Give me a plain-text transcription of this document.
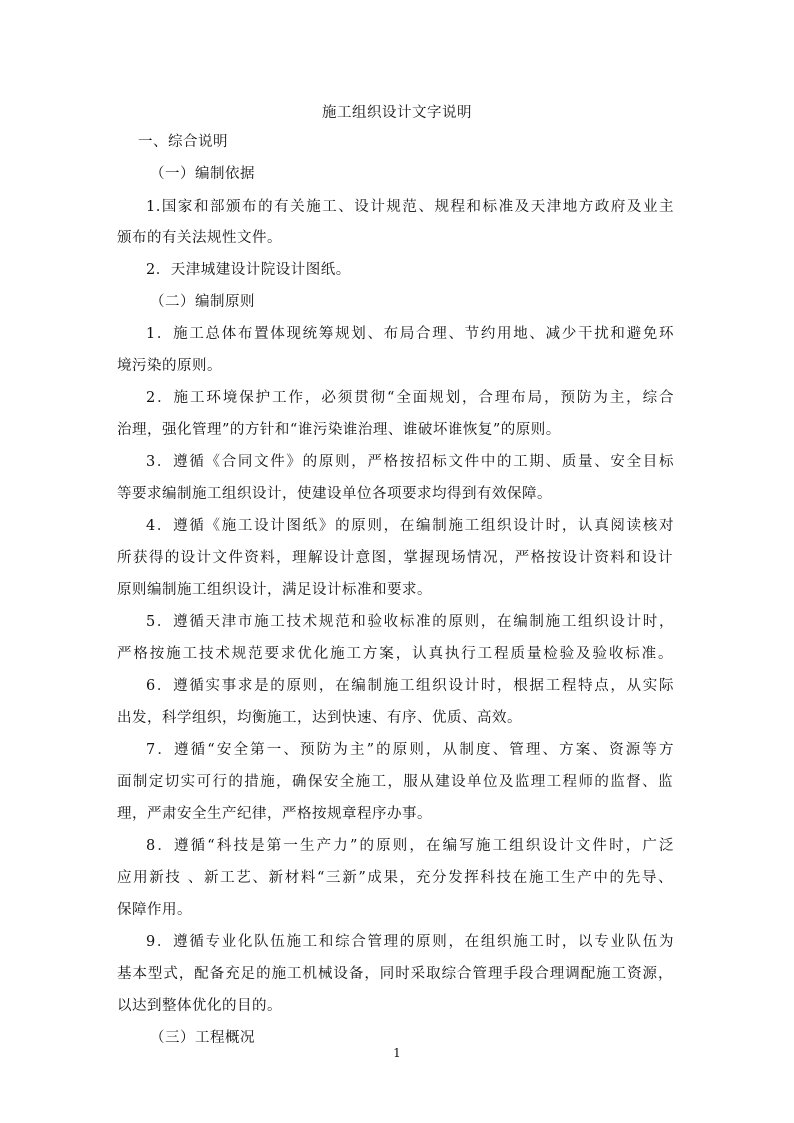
施工组织设计文字说明
一、综合说明
（一）编制依据
1.国家和部颁布的有关施工、设计规范、规程和标准及天津地方政府及业主
颁布的有关法规性文件。
2．天津城建设计院设计图纸。
（二）编制原则
1．施工总体布置体现统筹规划、布局合理、节约用地、减少干扰和避免环
境污染的原则。
2．施工环境保护工作，必须贯彻“全面规划，合理布局，预防为主，综合
治理，强化管理”的方针和“谁污染谁治理、谁破坏谁恢复”的原则。
3．遵循《合同文件》的原则，严格按招标文件中的工期、质量、安全目标
等要求编制施工组织设计，使建设单位各项要求均得到有效保障。
4．遵循《施工设计图纸》的原则，在编制施工组织设计时，认真阅读核对
所获得的设计文件资料，理解设计意图，掌握现场情况，严格按设计资料和设计
原则编制施工组织设计，满足设计标准和要求。
5．遵循天津市施工技术规范和验收标准的原则，在编制施工组织设计时，
严格按施工技术规范要求优化施工方案，认真执行工程质量检验及验收标准。
6．遵循实事求是的原则，在编制施工组织设计时，根据工程特点，从实际
出发，科学组织，均衡施工，达到快速、有序、优质、高效。
7．遵循“安全第一、预防为主”的原则，从制度、管理、方案、资源等方
面制定切实可行的措施，确保安全施工，服从建设单位及监理工程师的监督、监
理，严肃安全生产纪律，严格按规章程序办事。
8．遵循“科技是第一生产力”的原则，在编写施工组织设计文件时，广泛
应用新技 、新工艺、新材料“三新”成果，充分发挥科技在施工生产中的先导、
保障作用。
9．遵循专业化队伍施工和综合管理的原则，在组织施工时，以专业队伍为
基本型式，配备充足的施工机械设备，同时采取综合管理手段合理调配施工资源，
以达到整体优化的目的。
（三）工程概况
1
